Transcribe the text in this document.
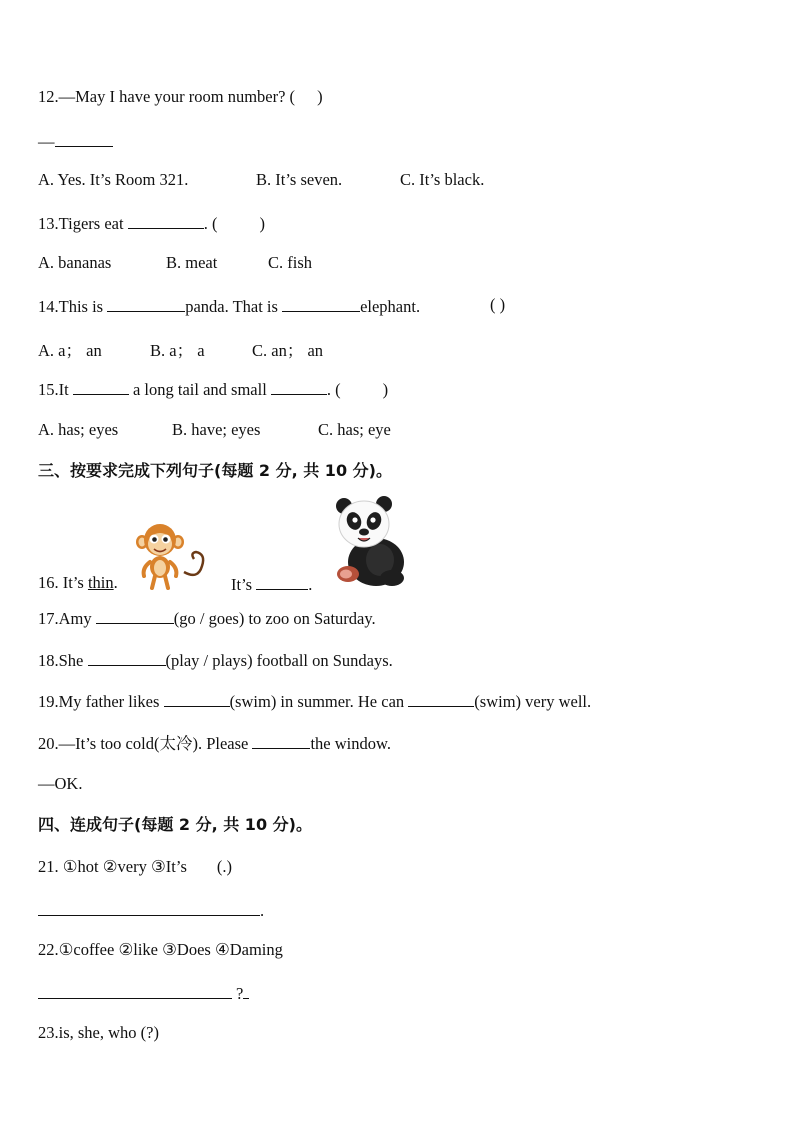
12.—May I have your room number? ( )
—
A. Yes. It’s Room 321.	B. It’s seven.	C. It’s black.
13.Tigers eat	. (	)
A. bananas	B. meat	C. fish
14.This is	panda. That is	elephant.	( )
A. a； an	B. a； a	C. an； an
15.It	a long tail and small	. (	)
A. has; eyes	B. have; eyes	C. has; eye
三、按要求完成下列句子(每题 2 分, 共 10 分)。
16. It’s thin.	It’s	.
17.Amy	(go / goes) to zoo on Saturday.
18.She	(play / plays) football on Sundays.
19.My father likes	(swim) in summer. He can	(swim) very well.
20.—It’s too cold(太冷). Please	the window.
—OK.
四、连成句子(每题 2 分, 共 10 分)。
21. ①hot ②very ③It’s (.)
.
22.①coffee ②like ③Does ④Daming
?
23.is, she, who (?)
